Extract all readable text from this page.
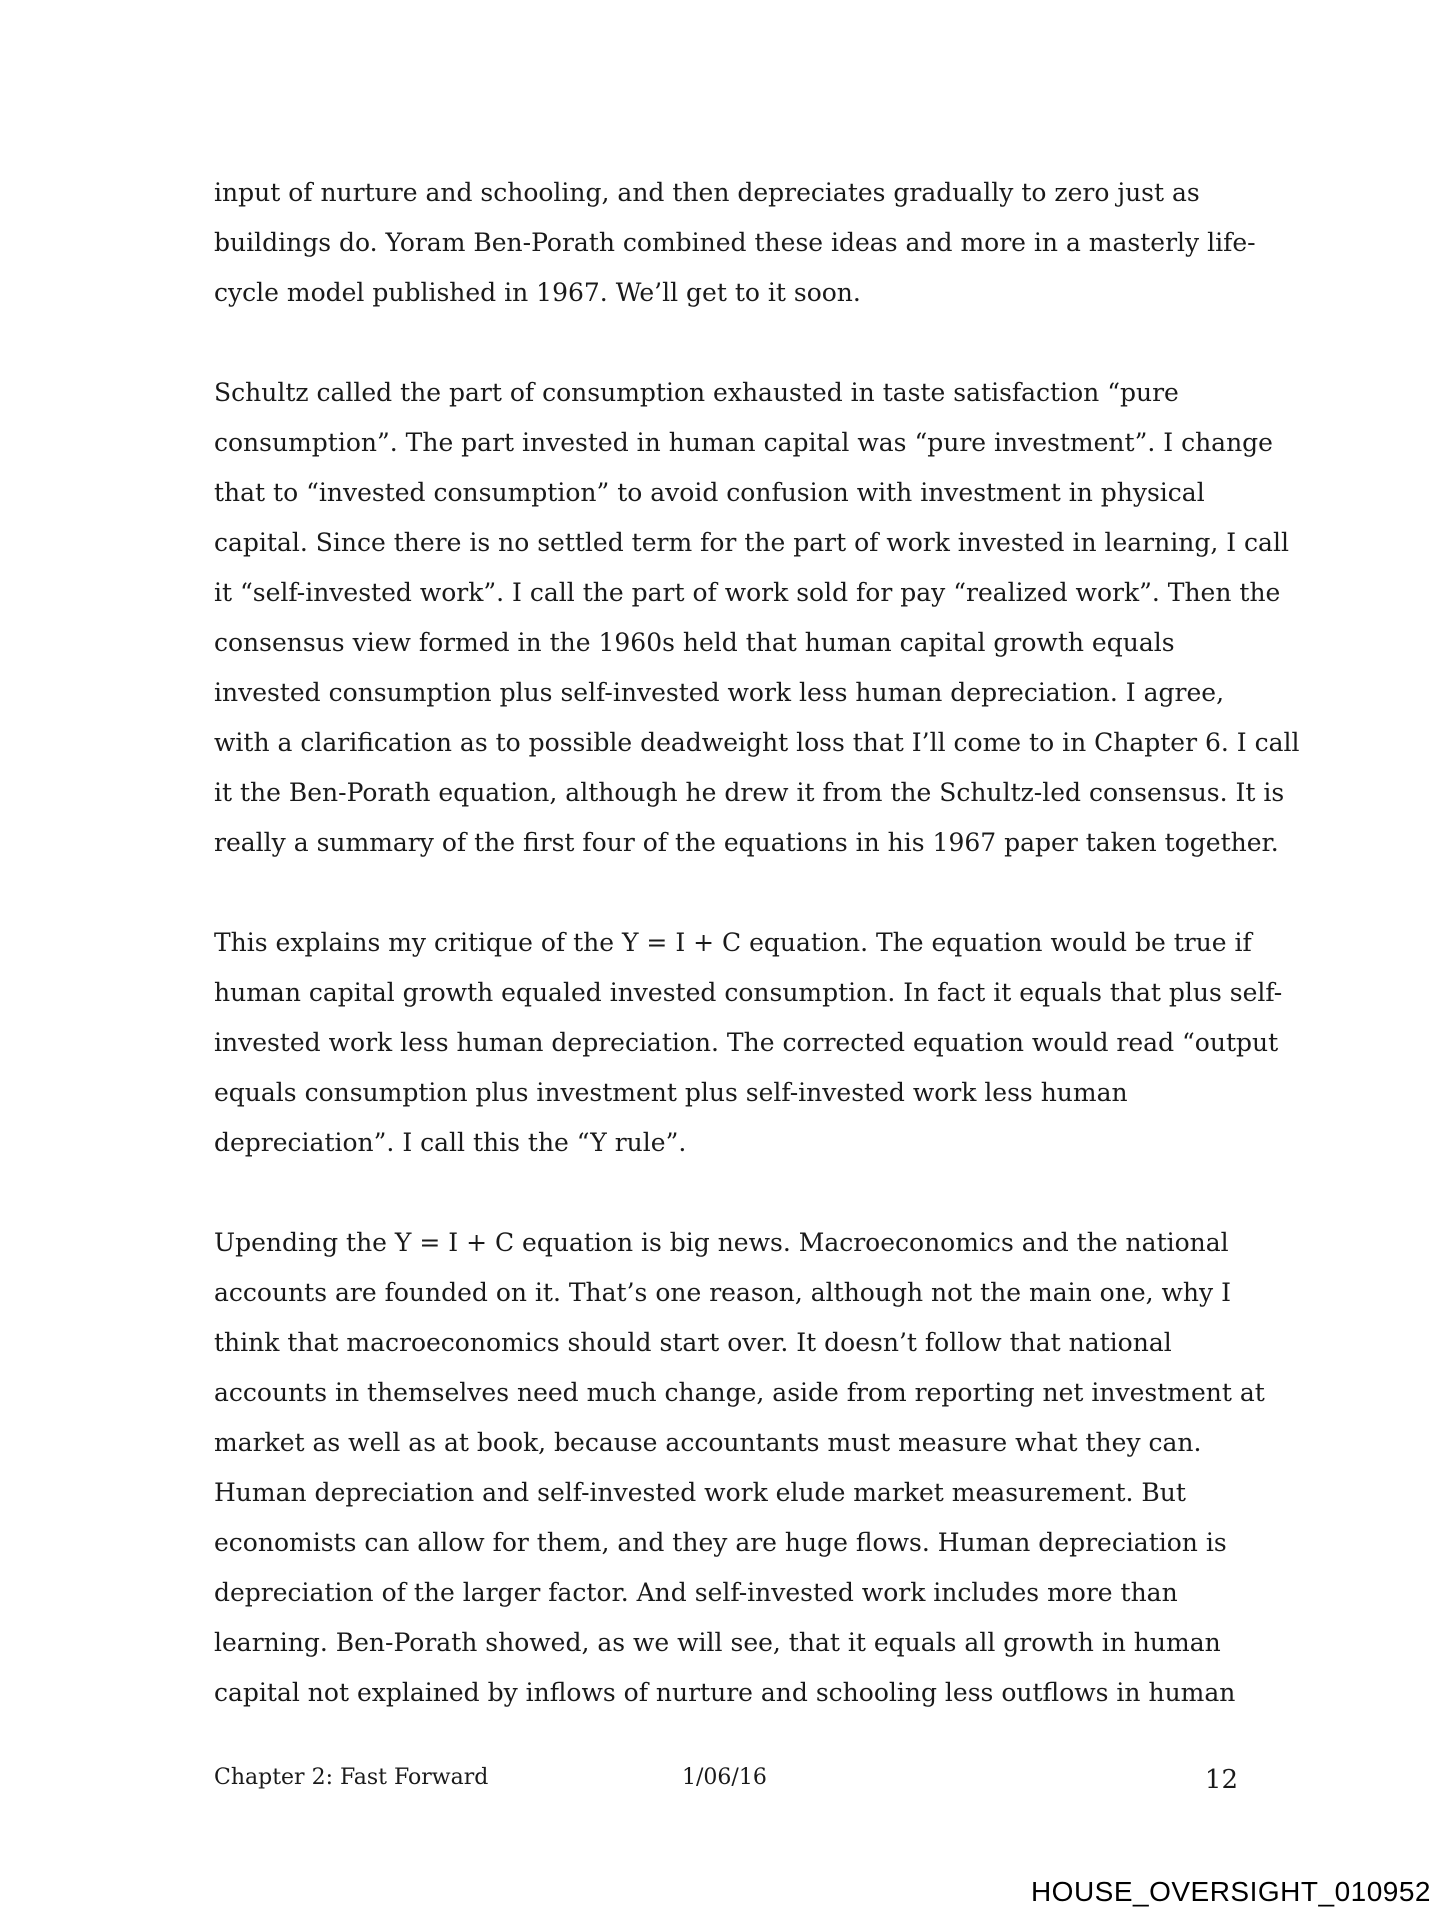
input of nurture and schooling, and then depreciates gradually to zero just as
buildings do. Yoram Ben-Porath combined these ideas and more in a masterly life-
cycle model published in 1967. We’ll get to it soon.

Schultz called the part of consumption exhausted in taste satisfaction “pure
consumption”. The part invested in human capital was “pure investment”. I change
that to “invested consumption” to avoid confusion with investment in physical
capital. Since there is no settled term for the part of work invested in learning, I call
it “self-invested work”. I call the part of work sold for pay “realized work”. Then the
consensus view formed in the 1960s held that human capital growth equals
invested consumption plus self-invested work less human depreciation. I agree,
with a clarification as to possible deadweight loss that I’ll come to in Chapter 6. I call
it the Ben-Porath equation, although he drew it from the Schultz-led consensus. It is
really a summary of the first four of the equations in his 1967 paper taken together.

This explains my critique of the Y = I + C equation. The equation would be true if
human capital growth equaled invested consumption. In fact it equals that plus self-
invested work less human depreciation. The corrected equation would read “output
equals consumption plus investment plus self-invested work less human
depreciation”. I call this the “Y rule”.

Upending the Y = I + C equation is big news. Macroeconomics and the national
accounts are founded on it. That’s one reason, although not the main one, why I
think that macroeconomics should start over. It doesn’t follow that national
accounts in themselves need much change, aside from reporting net investment at
market as well as at book, because accountants must measure what they can.
Human depreciation and self-invested work elude market measurement. But
economists can allow for them, and they are huge flows. Human depreciation is
depreciation of the larger factor. And self-invested work includes more than
learning. Ben-Porath showed, as we will see, that it equals all growth in human
capital not explained by inflows of nurture and schooling less outflows in human

Chapter 2: Fast Forward	1/06/16	12
HOUSE_OVERSIGHT_010952
